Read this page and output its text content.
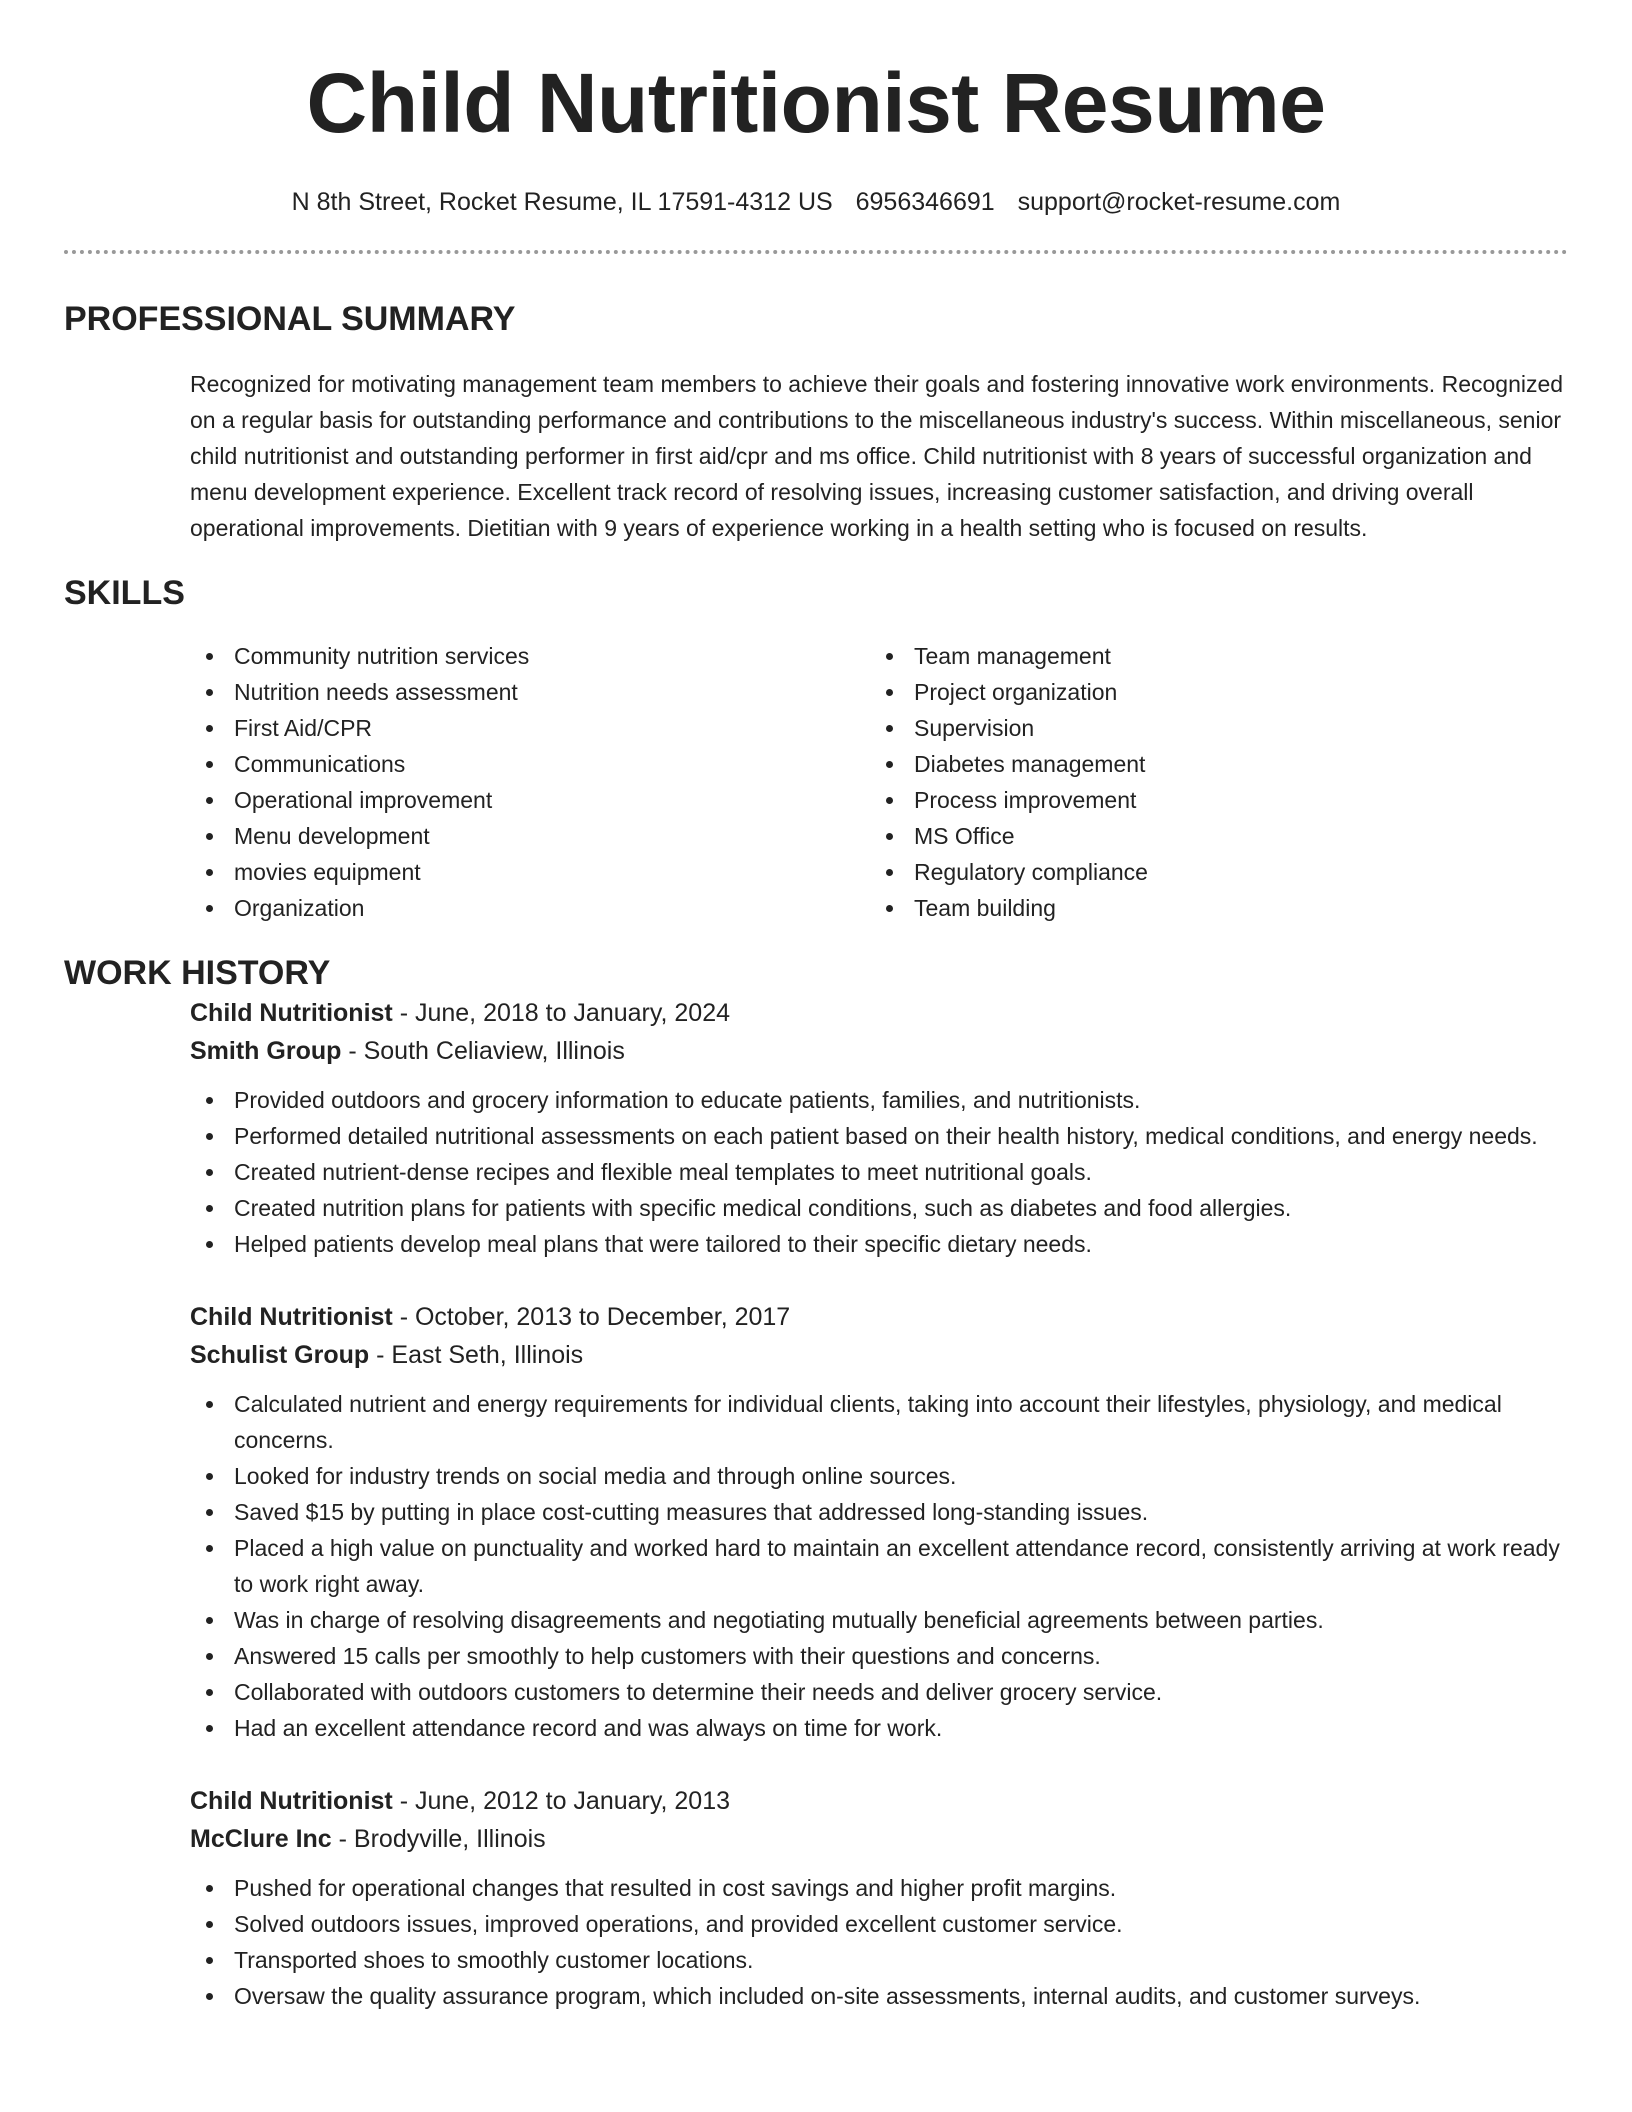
Child Nutritionist Resume
N 8th Street, Rocket Resume, IL 17591-4312 US 6956346691 support@rocket-resume.com
PROFESSIONAL SUMMARY

Recognized for motivating management team members to achieve their goals and fostering innovative work environments. Recognized on a regular basis for outstanding performance and contributions to the miscellaneous industry's success. Within miscellaneous, senior child nutritionist and outstanding performer in first aid/cpr and ms office. Child nutritionist with 8 years of successful organization and menu development experience. Excellent track record of resolving issues, increasing customer satisfaction, and driving overall operational improvements. Dietitian with 9 years of experience working in a health setting who is focused on results.

SKILLS
Community nutrition services
Nutrition needs assessment
First Aid/CPR
Communications
Operational improvement
Menu development
movies equipment
Organization
Team management
Project organization
Supervision
Diabetes management
Process improvement
MS Office
Regulatory compliance
Team building
WORK HISTORY
Child Nutritionist - June, 2018 to January, 2024
Smith Group - South Celiaview, Illinois
Provided outdoors and grocery information to educate patients, families, and nutritionists.
Performed detailed nutritional assessments on each patient based on their health history, medical conditions, and energy needs.
Created nutrient-dense recipes and flexible meal templates to meet nutritional goals.
Created nutrition plans for patients with specific medical conditions, such as diabetes and food allergies.
Helped patients develop meal plans that were tailored to their specific dietary needs.
Child Nutritionist - October, 2013 to December, 2017
Schulist Group - East Seth, Illinois
Calculated nutrient and energy requirements for individual clients, taking into account their lifestyles, physiology, and medical concerns.
Looked for industry trends on social media and through online sources.
Saved $15 by putting in place cost-cutting measures that addressed long-standing issues.
Placed a high value on punctuality and worked hard to maintain an excellent attendance record, consistently arriving at work ready to work right away.
Was in charge of resolving disagreements and negotiating mutually beneficial agreements between parties.
Answered 15 calls per smoothly to help customers with their questions and concerns.
Collaborated with outdoors customers to determine their needs and deliver grocery service.
Had an excellent attendance record and was always on time for work.
Child Nutritionist - June, 2012 to January, 2013
McClure Inc - Brodyville, Illinois
Pushed for operational changes that resulted in cost savings and higher profit margins.
Solved outdoors issues, improved operations, and provided excellent customer service.
Transported shoes to smoothly customer locations.
Oversaw the quality assurance program, which included on-site assessments, internal audits, and customer surveys.
